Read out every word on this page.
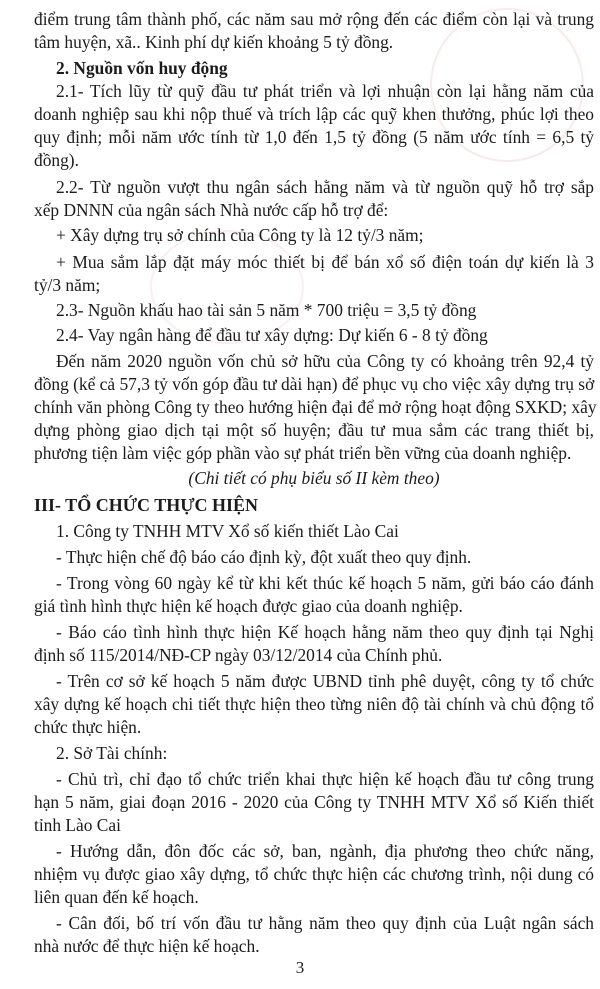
3
điểm trung tâm thành phố, các năm sau mở rộng đến các điểm còn lại và trung
tâm huyện, xã.. Kinh phí dự kiến khoảng 5 tỷ đồng.
2. Nguồn vốn huy động
2.1- Tích lũy từ quỹ đầu tư phát triển và lợi nhuận còn lại hằng năm của
doanh nghiệp sau khi nộp thuế và trích lập các quỹ khen thưởng, phúc lợi theo
quy định; mỗi năm ước tính từ 1,0 đến 1,5 tỷ đồng (5 năm ước tính = 6,5 tỷ
đồng).
2.2- Từ nguồn vượt thu ngân sách hằng năm và từ nguồn quỹ hỗ trợ sắp
xếp DNNN của ngân sách Nhà nước cấp hỗ trợ để:
+ Xây dựng trụ sở chính của Công ty là 12 tỷ/3 năm;
+ Mua sắm lắp đặt máy móc thiết bị để bán xổ số điện toán dự kiến là 3
tỷ/3 năm;
2.3- Nguồn khấu hao tài sản 5 năm * 700 triệu = 3,5 tỷ đồng
2.4- Vay ngân hàng để đầu tư xây dựng: Dự kiến 6 - 8 tỷ đồng
Đến năm 2020 nguồn vốn chủ sở hữu của Công ty có khoảng trên 92,4 tỷ
đồng (kể cả 57,3 tỷ vốn góp đầu tư dài hạn) để phục vụ cho việc xây dựng trụ sở
chính văn phòng Công ty theo hướng hiện đại để mở rộng hoạt động SXKD; xây
dựng phòng giao dịch tại một số huyện; đầu tư mua sắm các trang thiết bị,
phương tiện làm việc góp phần vào sự phát triển bền vững của doanh nghiệp.
(Chi tiết có phụ biểu số II kèm theo)
III- TỔ CHỨC THỰC HIỆN
1. Công ty TNHH MTV Xổ số kiến thiết Lào Cai
- Thực hiện chế độ báo cáo định kỳ, đột xuất theo quy định.
- Trong vòng 60 ngày kể từ khi kết thúc kế hoạch 5 năm, gửi báo cáo đánh
giá tình hình thực hiện kế hoạch được giao của doanh nghiệp.
- Báo cáo tình hình thực hiện Kế hoạch hằng năm theo quy định tại Nghị
định số 115/2014/NĐ-CP ngày 03/12/2014 của Chính phủ.
- Trên cơ sở kế hoạch 5 năm được UBND tỉnh phê duyệt, công ty tổ chức
xây dựng kế hoạch chi tiết thực hiện theo từng niên độ tài chính và chủ động tổ
chức thực hiện.
2. Sở Tài chính:
- Chủ trì, chỉ đạo tổ chức triển khai thực hiện kế hoạch đầu tư công trung
hạn 5 năm, giai đoạn 2016 - 2020 của Công ty TNHH MTV Xổ số Kiến thiết
tỉnh Lào Cai
- Hướng dẫn, đôn đốc các sở, ban, ngành, địa phương theo chức năng,
nhiệm vụ được giao xây dựng, tổ chức thực hiện các chương trình, nội dung có
liên quan đến kế hoạch.
- Cân đối, bố trí vốn đầu tư hằng năm theo quy định của Luật ngân sách
nhà nước để thực hiện kế hoạch.
